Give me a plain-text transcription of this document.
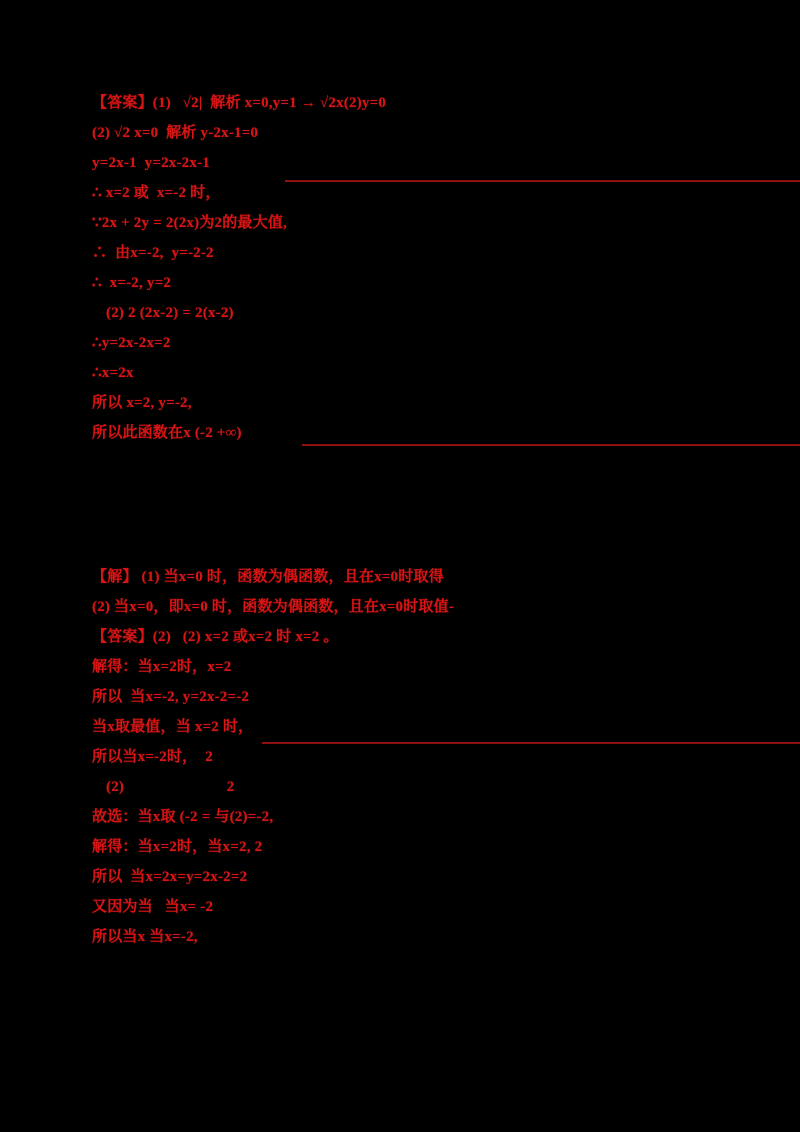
【答案】(1)   √2|  解析 x=0,y=1 → √2x(2)y=0
(2) √2 x=0  解析 y-2x-1=0
y=2x-1  y=2x-2x-1
∴ x=2 或  x=-2 时，
∵2x + 2y = 2(2x)为2的最大值,
∴  由x=-2,  y=-2-2
∴  x=-2, y=2
(2) 2 (2x-2) = 2(x-2)
∴y=2x-2x=2
∴x=2x
所以 x=2, y=-2,
所以此函数在x (-2 +∞)
【解】 (1) 当x=0 时，函数为偶函数，且在x=0时取得
(2) 当x=0，即x=0 时，函数为偶函数，且在x=0时取值-
【答案】(2)   (2) x=2 或x=2 时 x=2 。
解得：当x=2时，x=2
所以  当x=-2, y=2x-2=-2
当x取最值，当 x=2 时，
所以当x=-2时，  2
(2)                          2
故选：当x取 (-2 = 与(2)=-2,
解得：当x=2时，当x=2, 2
所以  当x=2x=y=2x-2=2
又因为当   当x= -2
所以当x 当x=-2,
